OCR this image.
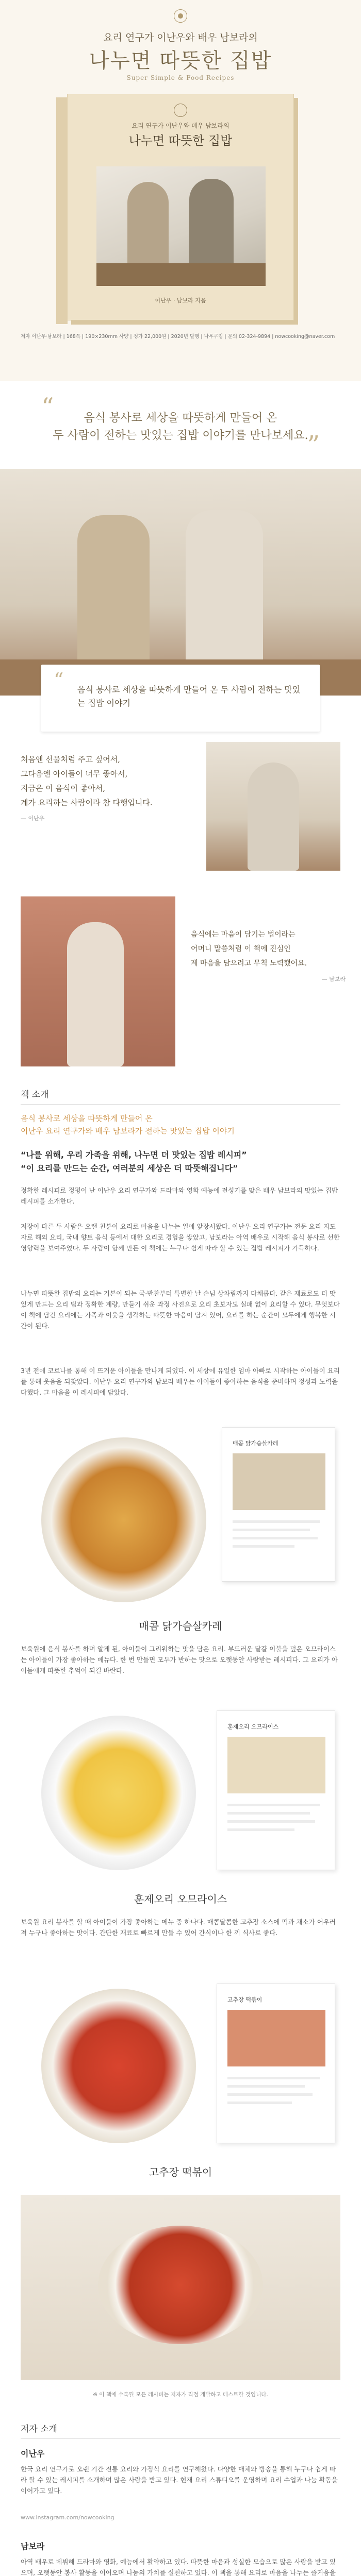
요리 연구가 이난우와 배우 남보라의
나누면 따뜻한 집밥
Super Simple & Food Recipes
요리 연구가 이난우와 배우 남보라의
나누면 따뜻한 집밥
이난우 · 남보라 지음
저자 이난우·남보라 | 168쪽 | 190×230mm 사양 | 정가 22,000원 | 2020년 발행 | 나우쿠킹 | 문의 02-324-9894 | nowcooking@naver.com
“	음식 봉사로 세상을 따뜻하게 만들어 온
두 사람이 전하는 맛있는 집밥 이야기를 만나보세요.
”
“ 음식 봉사로 세상을 따뜻하게 만들어 온 두 사람이 전하는 맛있는 집밥 이야기

처음엔 선물처럼 주고 싶어서,

그다음엔 아이들이 너무 좋아서,

지금은 이 음식이 좋아서,

계가 요리하는 사람이라 참 다행입니다.

— 이난우

음식에는 마음이 담기는 법이라는

어머니 말씀처럼 이 책에 진심인

제 마음을 담으려고 무척 노력했어요.

— 남보라

책 소개
음식 봉사로 세상을 따뜻하게 만들어 온
이난우 요리 연구가와 배우 남보라가 전하는 맛있는 집밥 이야기
“나를 위해, 우리 가족을 위해, 나누면 더 맛있는 집밥 레시피”
“이 요리를 만드는 순간, 여러분의 세상은 더 따뜻해집니다”
정확한 레시피로 정평이 난 이난우 요리 연구가와 드라마와 영화 예능에 전성기를 맞은 배우 남보라의 맛있는 집밥 레시피를 소개한다.
저장이 다른 두 사람은 오랜 친분이 요리로 마음을 나누는 일에 앞장서왔다. 이난우 요리 연구가는 전문 요리 지도자로 해외 요리, 국내 향토 음식 등에서 대한 요리로 경험을 쌓았고, 남보라는 아역 배우로 시작해 음식 봉사로 선한 영향력을 보여주었다. 두 사람이 함께 만든 이 책에는 누구나 쉽게 따라 할 수 있는 집밥 레시피가 가득하다.
나누면 따뜻한 집밥의 요리는 기본이 되는 국·반찬부터 특별한 날 손님 상차림까지 다채롭다. 같은 재료로도 더 맛있게 만드는 요리 팁과 정확한 계량, 만들기 쉬운 과정 사진으로 요리 초보자도 실패 없이 요리할 수 있다. 무엇보다 이 책에 담긴 요리에는 가족과 이웃을 생각하는 따뜻한 마음이 담겨 있어, 요리를 하는 순간이 모두에게 행복한 시간이 된다.
3년 전에 코로나를 통해 이 뜨거운 아이들을 만나게 되었다. 이 세상에 유일한 엄마 아빠로 시작하는 아이들이 요리를 통해 웃음을 되찾았다. 이난우 요리 연구가와 남보라 배우는 아이들이 좋아하는 음식을 준비하며 정성과 노력을 다했다. 그 마음을 이 레시피에 담았다.
매콤 닭가슴살카레
매콤 닭가슴살카레
보육원에 음식 봉사를 하며 알게 된, 아이들이 그리워하는 맛을 담은 요리. 부드러운 달걀 이불을 덮은 오므라이스는 아이들이 가장 좋아하는 메뉴다. 한 번 만들면 모두가 반하는 맛으로 오랫동안 사랑받는 레시피다. 그 요리가 아이들에게 따뜻한 추억이 되길 바란다.
훈제오리 오므라이스
훈제오리 오므라이스
보육원 요리 봉사를 할 때 아이들이 가장 좋아하는 메뉴 중 하나다. 매콤달콤한 고추장 소스에 떡과 채소가 어우러져 누구나 좋아하는 맛이다. 간단한 재료로 빠르게 만들 수 있어 간식이나 한 끼 식사로 좋다.
고추장 떡볶이
고추장 떡볶이
※ 이 책에 수록된 모든 레시피는 저자가 직접 개발하고 테스트한 것입니다.
저자 소개
이난우
한국 요리 연구가로 오랜 기간 전통 요리와 가정식 요리를 연구해왔다. 다양한 매체와 방송을 통해 누구나 쉽게 따라 할 수 있는 레시피를 소개하며 많은 사랑을 받고 있다. 현재 요리 스튜디오를 운영하며 요리 수업과 나눔 활동을 이어가고 있다.
www.instagram.com/nowcooking
남보라
아역 배우로 데뷔해 드라마와 영화, 예능에서 활약하고 있다. 따뜻한 마음과 성실한 모습으로 많은 사랑을 받고 있으며, 오랫동안 봉사 활동을 이어오며 나눔의 가치를 실천하고 있다. 이 책을 통해 요리로 마음을 나누는 즐거움을
